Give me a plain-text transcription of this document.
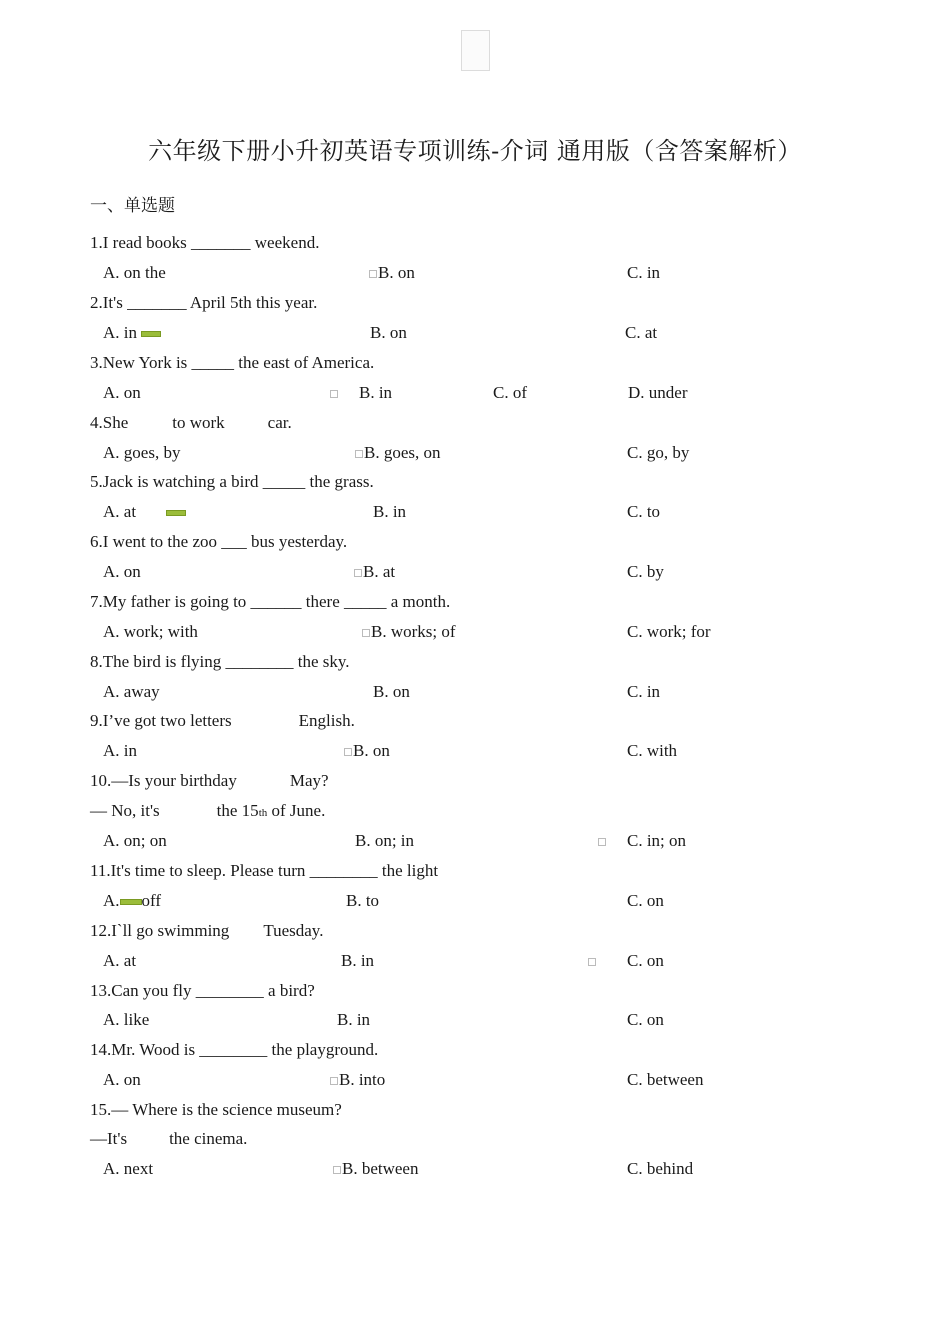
六年级下册小升初英语专项训练-介词 通用版（含答案解析）
一、单选题
1.I read books _______ weekend.
A. on the	B. on	C. in
2.It's _______ April 5th this year.
A. in	B. on	C. at
3.New York is _____ the east of America.
A. on	B. in	C. of	D. under
4.She	to work	car.
A. goes, by	B. goes, on	C. go, by
5.Jack is watching a bird _____ the grass.
A. at	B. in	C. to
6.I went to the zoo ___ bus yesterday.
A. on	B. at	C. by
7.My father is going to ______ there _____ a month.
A. work; with	B. works; of	C. work; for
8.The bird is flying ________ the sky.
A. away	B. on	C. in
9.I’ve got two letters	English.
A. in	B. on	C. with
10.—Is your birthday	May?
— No, it's	the 15th of June.
A. on; on	B. on; in	C. in; on
11.It's time to sleep. Please turn ________ the light
A. off	B. to	C. on
12.I`ll go swimming Tuesday.
A. at	B. in	C. on
13.Can you fly ________ a bird?
A. like	B. in	C. on
14.Mr. Wood is ________ the playground.
A. on	B. into	C. between
15.— Where is the science museum?
—It's the cinema.
A. next	B. between	C. behind
